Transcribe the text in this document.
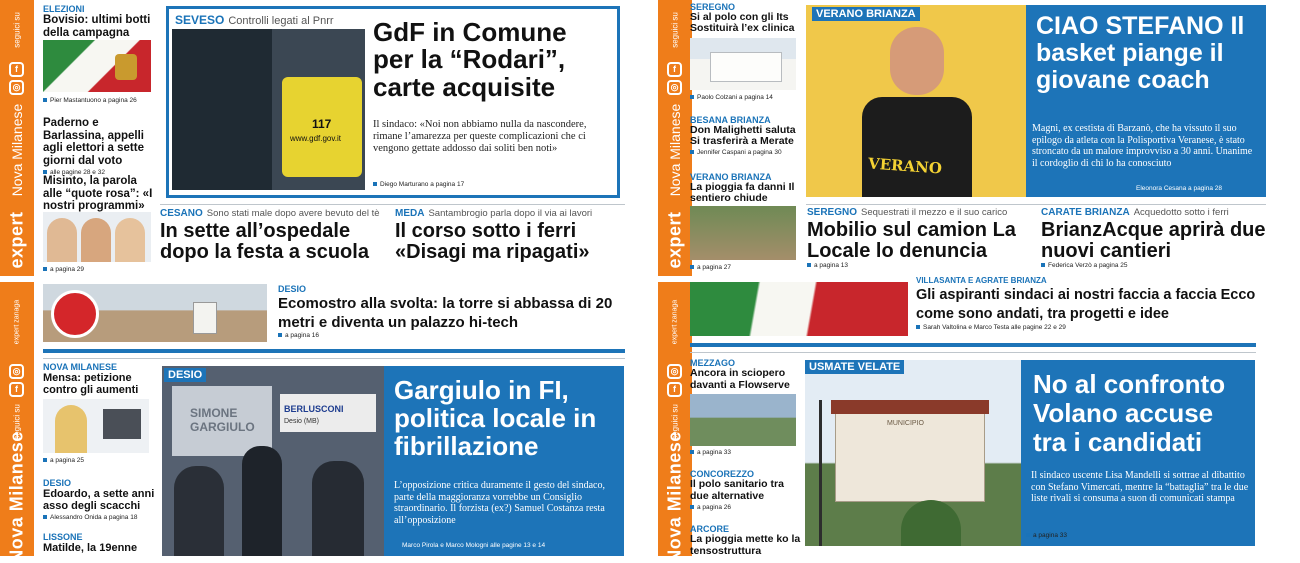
expert
Nova Milanese
f
◎
seguici su
ELEZIONI
Bovisio: ultimi botti della campagna
Pier Mastantuono a pagina 26
Paderno e Barlassina, appelli agli elettori a sette giorni dal voto
alle pagine 28 e 32
Misinto, la parola alle “quote rosa”: «I nostri programmi»
a pagina 29
SEVESO Controlli legati al Pnrr
117
www.gdf.gov.it
GdF in Comune per la “Rodari”, carte acquisite
Il sindaco: «Noi non abbiamo nulla da nascondere, rimane l’amarezza per queste complicazioni che ci vengono gettate addosso dai soliti ben noti»
Diego Marturano a pagina 17
CESANO Sono stati male dopo avere bevuto del tè
In sette all’ospedale dopo la festa a scuola
MEDA Santambrogio parla dopo il via ai lavori
Il corso sotto i ferri «Disagi ma ripagati»	expert
Nova Milanese
f
◎
seguici su
SEREGNO
Si al polo con gli Its Sostituirà l’ex clinica
Paolo Colzani a pagina 14
BESANA BRIANZA
Don Malighetti saluta Si trasferirà a Merate
Jennifer Caspani a pagina 30
VERANO BRIANZA
La pioggia fa danni Il sentiero chiude
a pagina 27
VERANO BRIANZA
VERANO
CIAO STEFANO Il basket piange il giovane coach
Magni, ex cestista di Barzanò, che ha vissuto il suo epilogo da atleta con la Polisportiva Veranese, è stato stroncato da un malore improvviso a 30 anni. Unanime il cordoglio di chi lo ha conosciuto
Eleonora Cesana a pagina 28
SEREGNO Sequestrati il mezzo e il suo carico
Mobilio sul camion La Locale lo denuncia
a pagina 13
CARATE BRIANZA Acquedotto sotto i ferri
BrianzAcque aprirà due nuovi cantieri
Federica Verzò a pagina 25
Nova Milanese
f
◎
seguici su
expert zanaga
DESIO
Ecomostro alla svolta: la torre si abbassa di 20 metri e diventa un palazzo hi-tech
a pagina 16
NOVA MILANESE
Mensa: petizione contro gli aumenti
a pagina 25
DESIO
Edoardo, a sette anni asso degli scacchi
Alessandro Onida a pagina 18
LISSONE
Matilde, la 19enne
DESIO
SIMONE GARGIULO
BERLUSCONI
Desio (MB)
Gargiulo in FI, politica locale in fibrillazione
L’opposizione critica duramente il gesto del sindaco, parte della maggioranza vorrebbe un Consiglio straordinario. Il forzista (ex?) Samuel Costanza resta all’opposizione
Marco Pirola e Marco Mologni alle pagine 13 e 14	Nova Milanese
f
◎
seguici su
expert zanaga
VILLASANTA E AGRATE BRIANZA
Gli aspiranti sindaci ai nostri faccia a faccia Ecco come sono andati, tra progetti e idee
Sarah Valtolina e Marco Testa alle pagine 22 e 29
MEZZAGO
Ancora in sciopero davanti a Flowserve
a pagina 33
CONCOREZZO
Il polo sanitario tra due alternative
a pagina 26
ARCORE
La pioggia mette ko la tensostruttura
USMATE VELATE
MUNICIPIO
No al confronto Volano accuse tra i candidati
Il sindaco uscente Lisa Mandelli si sottrae al dibattito con Stefano Vimercati, mentre la “battaglia” tra le due liste rivali si consuma a suon di comunicati stampa
a pagina 33
